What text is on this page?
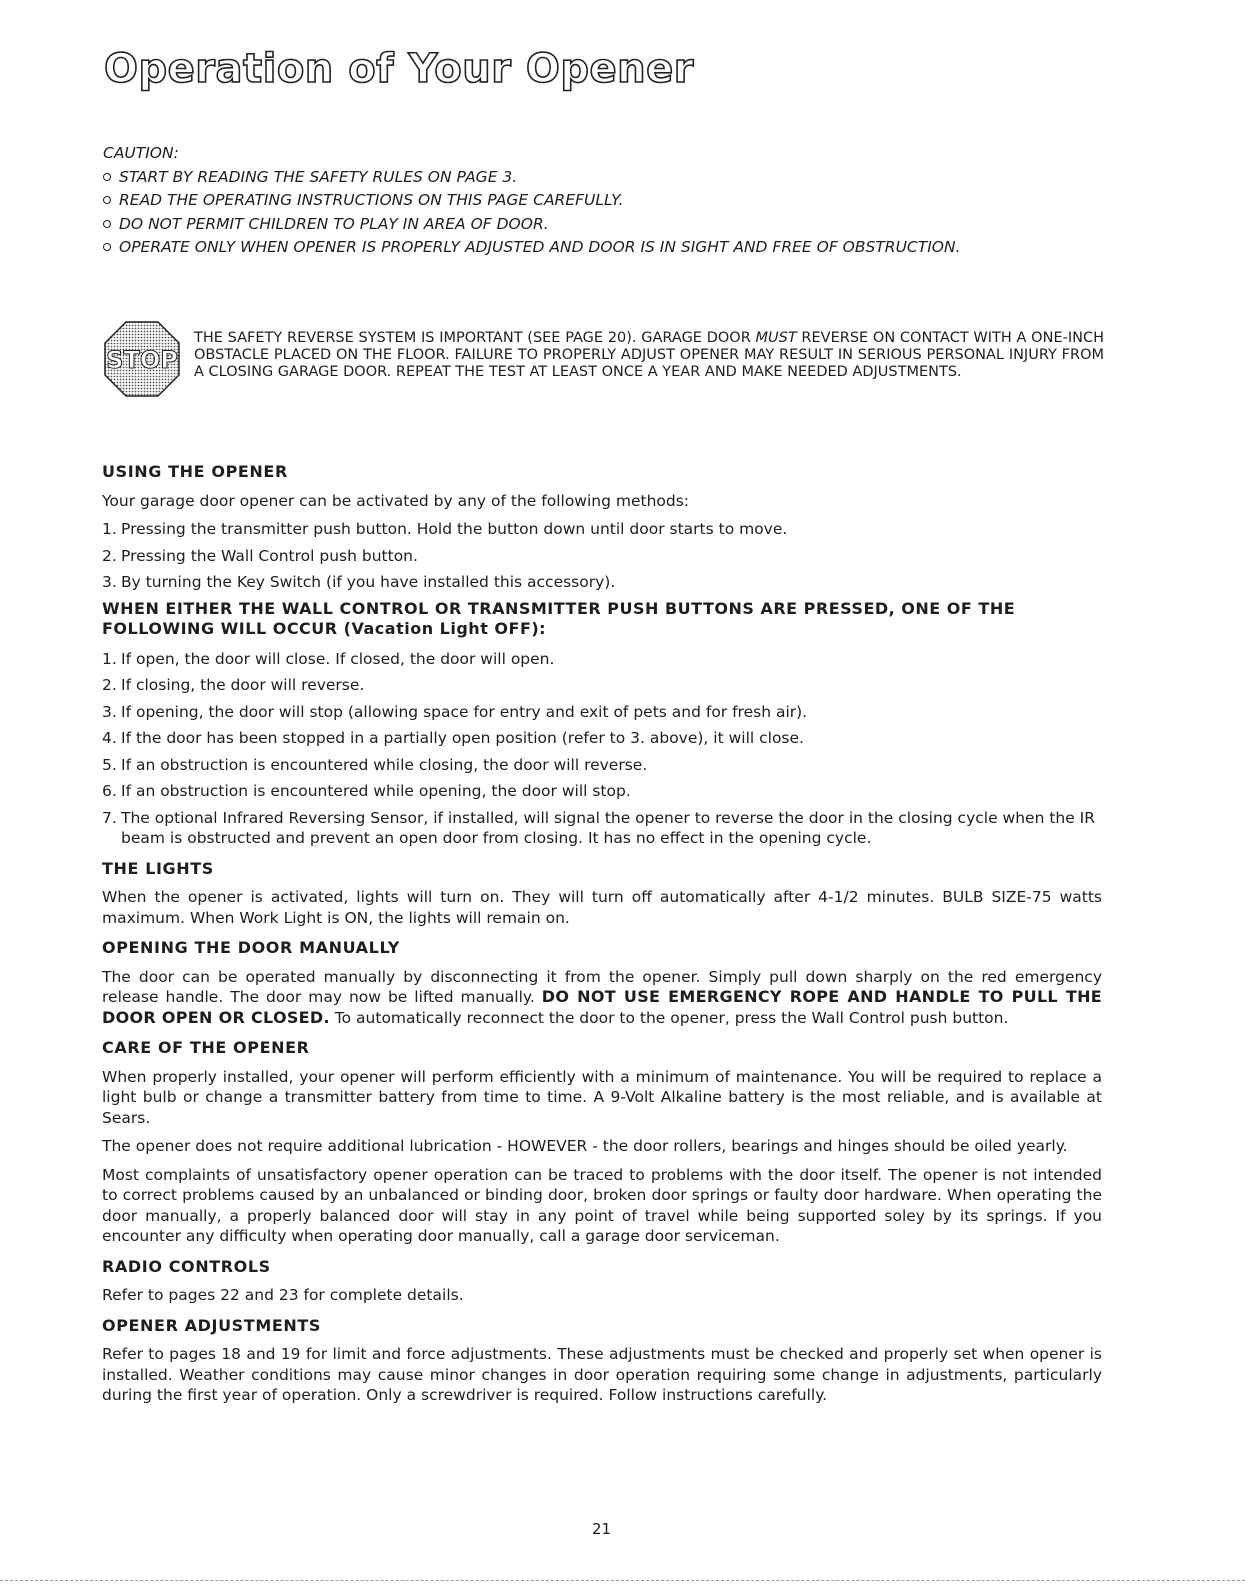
Operation of Your Opener
CAUTION:
START BY READING THE SAFETY RULES ON PAGE 3.
READ THE OPERATING INSTRUCTIONS ON THIS PAGE CAREFULLY.
DO NOT PERMIT CHILDREN TO PLAY IN AREA OF DOOR.
OPERATE ONLY WHEN OPENER IS PROPERLY ADJUSTED AND DOOR IS IN SIGHT AND FREE OF OBSTRUCTION.
STOP
THE SAFETY REVERSE SYSTEM IS IMPORTANT (SEE PAGE 20). GARAGE DOOR MUST REVERSE ON CONTACT WITH A ONE-INCH OBSTACLE PLACED ON THE FLOOR. FAILURE TO PROPERLY ADJUST OPENER MAY RESULT IN SERIOUS PERSONAL INJURY FROM A CLOSING GARAGE DOOR. REPEAT THE TEST AT LEAST ONCE A YEAR AND MAKE NEEDED ADJUSTMENTS.
USING THE OPENER

Your garage door opener can be activated by any of the following methods:

1. Pressing the transmitter push button. Hold the button down until door starts to move.
2. Pressing the Wall Control push button.
3. By turning the Key Switch (if you have installed this accessory).
WHEN EITHER THE WALL CONTROL OR TRANSMITTER PUSH BUTTONS ARE PRESSED, ONE OF THE FOLLOWING WILL OCCUR (Vacation Light OFF):
1. If open, the door will close. If closed, the door will open.
2. If closing, the door will reverse.
3. If opening, the door will stop (allowing space for entry and exit of pets and for fresh air).
4. If the door has been stopped in a partially open position (refer to 3. above), it will close.
5. If an obstruction is encountered while closing, the door will reverse.
6. If an obstruction is encountered while opening, the door will stop.
7. The optional Infrared Reversing Sensor, if installed, will signal the opener to reverse the door in the closing cycle when the IR beam is obstructed and prevent an open door from closing. It has no effect in the opening cycle.
THE LIGHTS

When the opener is activated, lights will turn on. They will turn off automatically after 4-1/2 minutes. BULB SIZE-75 watts maximum. When Work Light is ON, the lights will remain on.

OPENING THE DOOR MANUALLY

The door can be operated manually by disconnecting it from the opener. Simply pull down sharply on the red emergency release handle. The door may now be lifted manually. DO NOT USE EMERGENCY ROPE AND HANDLE TO PULL THE DOOR OPEN OR CLOSED. To automatically reconnect the door to the opener, press the Wall Control push button.

CARE OF THE OPENER

When properly installed, your opener will perform efficiently with a minimum of maintenance. You will be required to replace a light bulb or change a transmitter battery from time to time. A 9-Volt Alkaline battery is the most reliable, and is available at Sears.

The opener does not require additional lubrication - HOWEVER - the door rollers, bearings and hinges should be oiled yearly.

Most complaints of unsatisfactory opener operation can be traced to problems with the door itself. The opener is not intended to correct problems caused by an unbalanced or binding door, broken door springs or faulty door hardware. When operating the door manually, a properly balanced door will stay in any point of travel while being supported soley by its springs. If you encounter any difficulty when operating door manually, call a garage door serviceman.

RADIO CONTROLS

Refer to pages 22 and 23 for complete details.

OPENER ADJUSTMENTS

Refer to pages 18 and 19 for limit and force adjustments. These adjustments must be checked and properly set when opener is installed. Weather conditions may cause minor changes in door operation requiring some change in adjustments, particularly during the first year of operation. Only a screwdriver is required. Follow instructions carefully.

21
